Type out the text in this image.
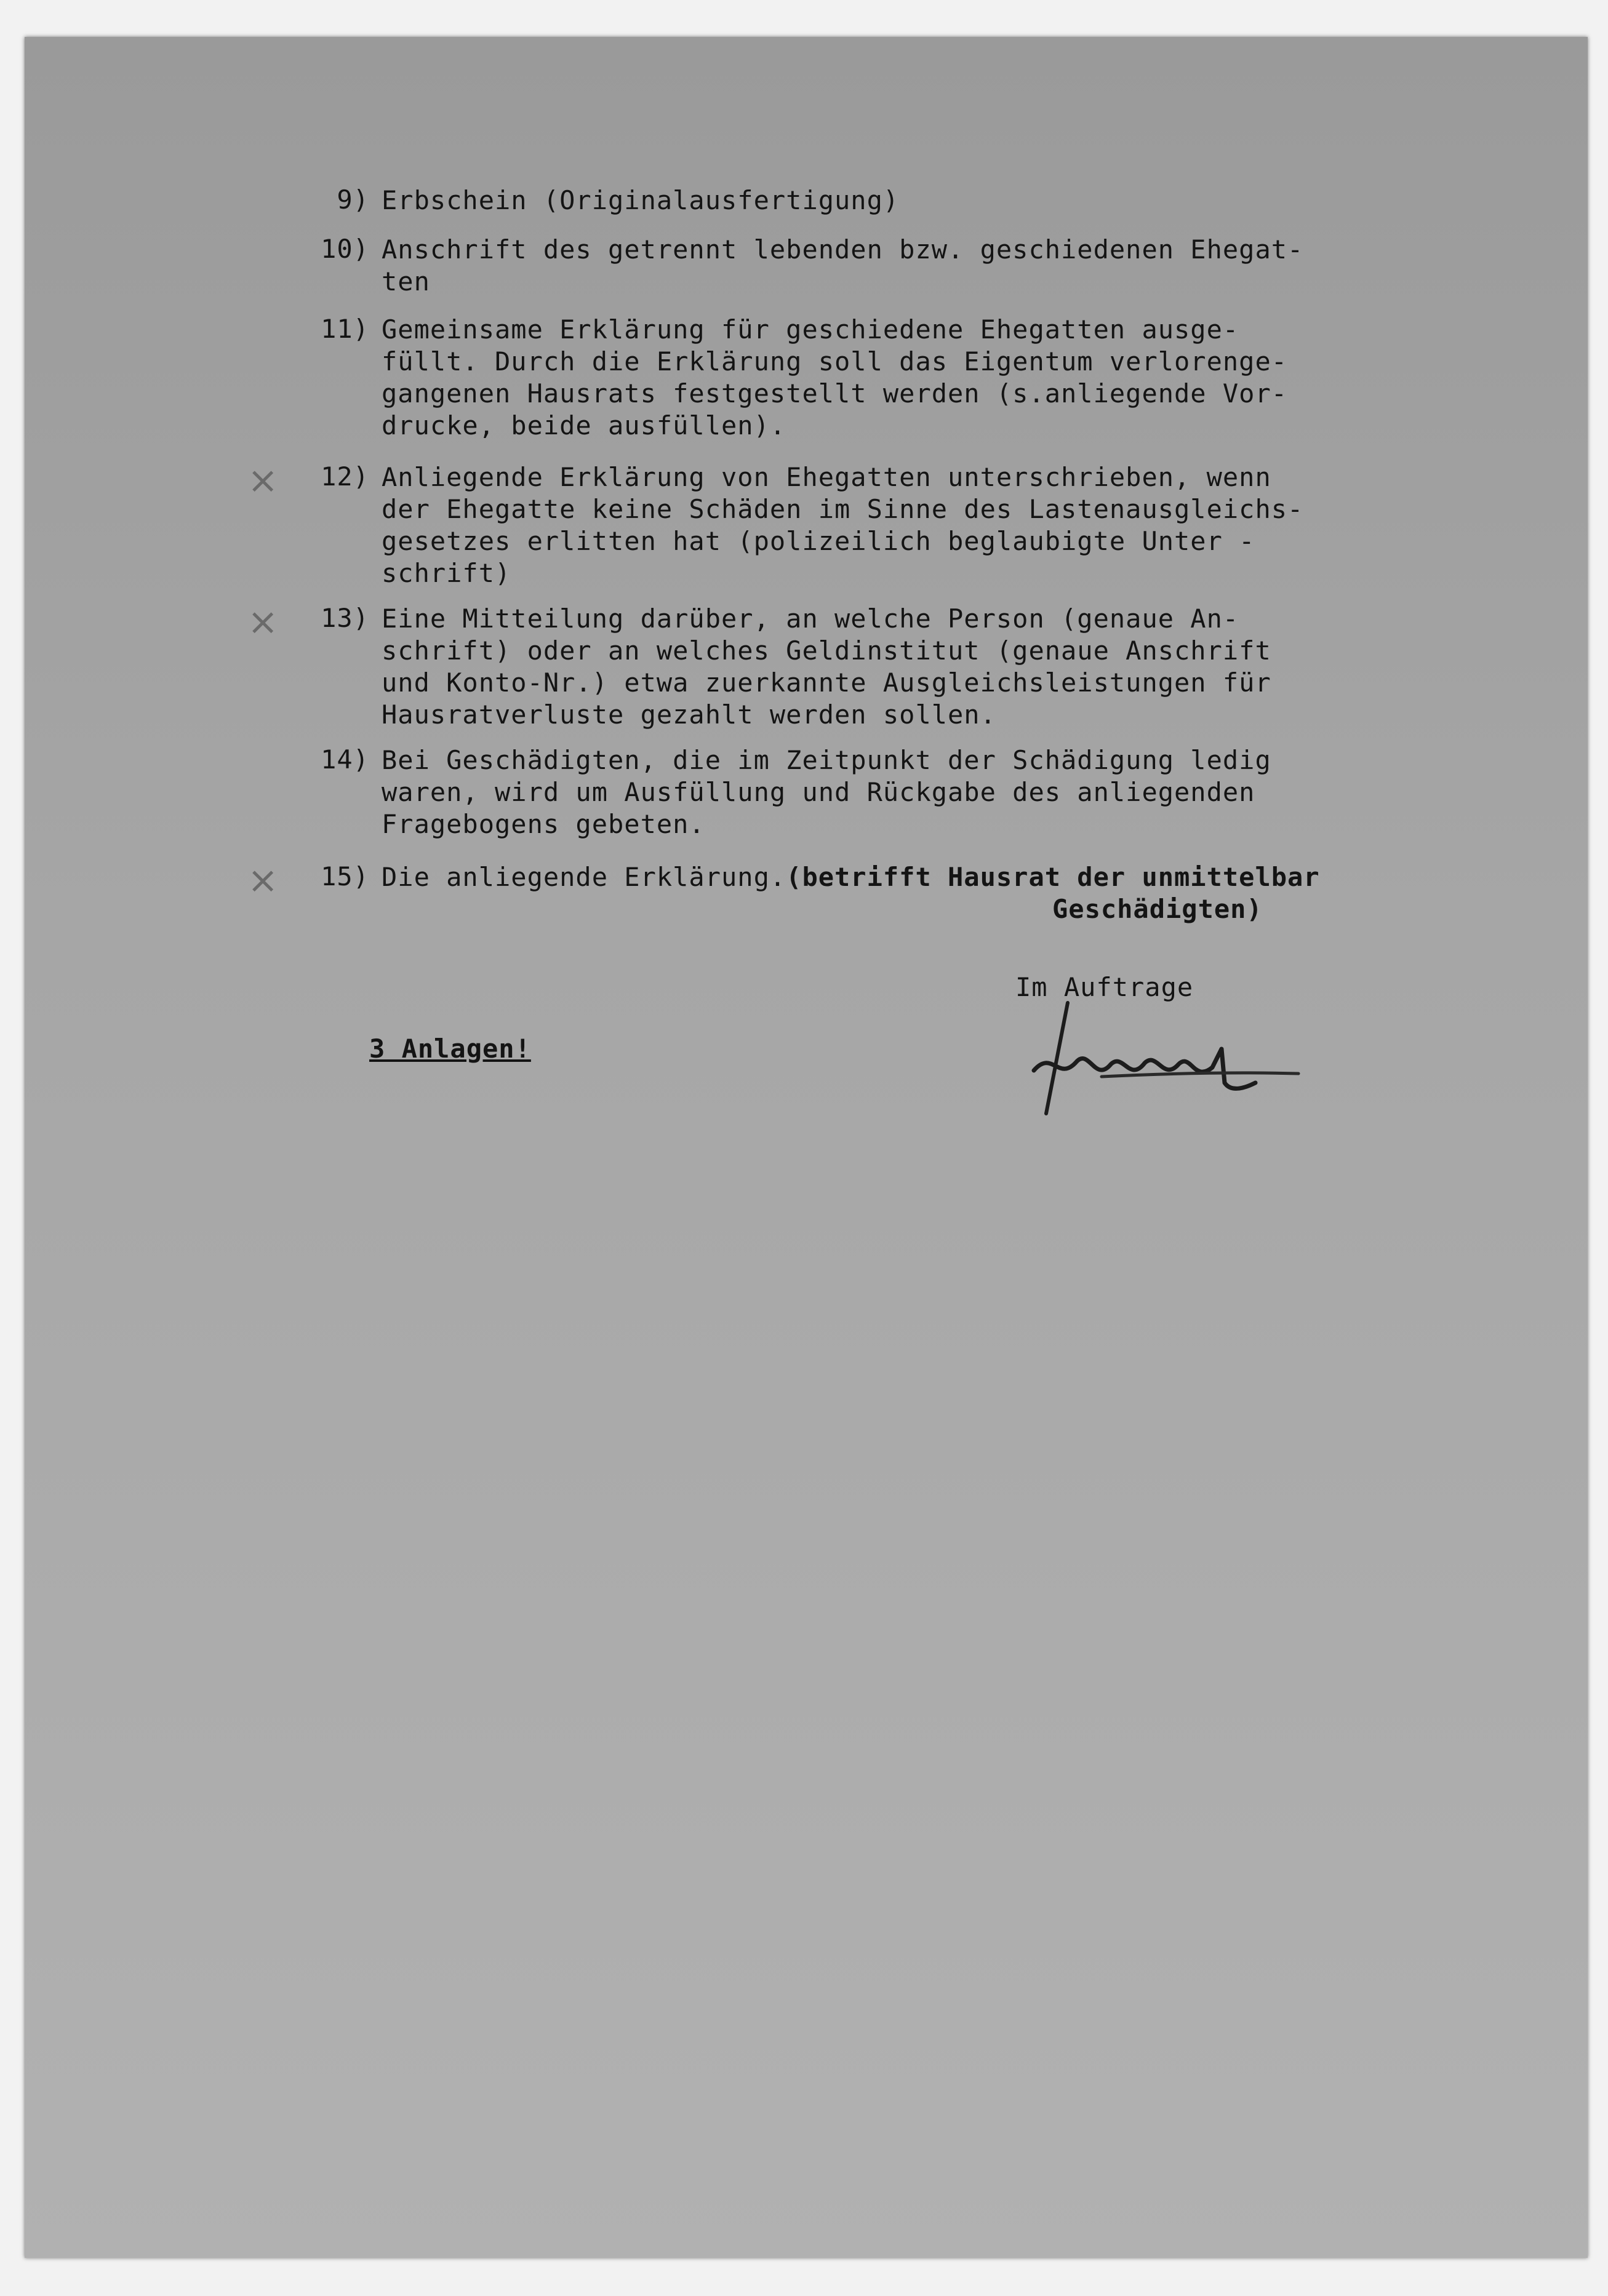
9) Erbschein (Originalausfertigung)
10) Anschrift des getrennt lebenden bzw. geschiedenen Ehegat-
ten
11) Gemeinsame Erklärung für geschiedene Ehegatten ausge-
füllt. Durch die Erklärung soll das Eigentum verlorenge-
gangenen Hausrats festgestellt werden (s.anliegende Vor-
drucke, beide ausfüllen).
×	12) Anliegende Erklärung von Ehegatten unterschrieben, wenn
der Ehegatte keine Schäden im Sinne des Lastenausgleichs-
gesetzes erlitten hat (polizeilich beglaubigte Unter -
schrift)
×	13) Eine Mitteilung darüber, an welche Person (genaue An-
schrift) oder an welches Geldinstitut (genaue Anschrift
und Konto-Nr.) etwa zuerkannte Ausgleichsleistungen für
Hausratverluste gezahlt werden sollen.
14) Bei Geschädigten, die im Zeitpunkt der Schädigung ledig
waren, wird um Ausfüllung und Rückgabe des anliegenden
Fragebogens gebeten.
×	15) Die anliegende Erklärung.(betrifft Hausrat der unmittelbar
Geschädigten)
Im Auftrage
3 Anlagen!
